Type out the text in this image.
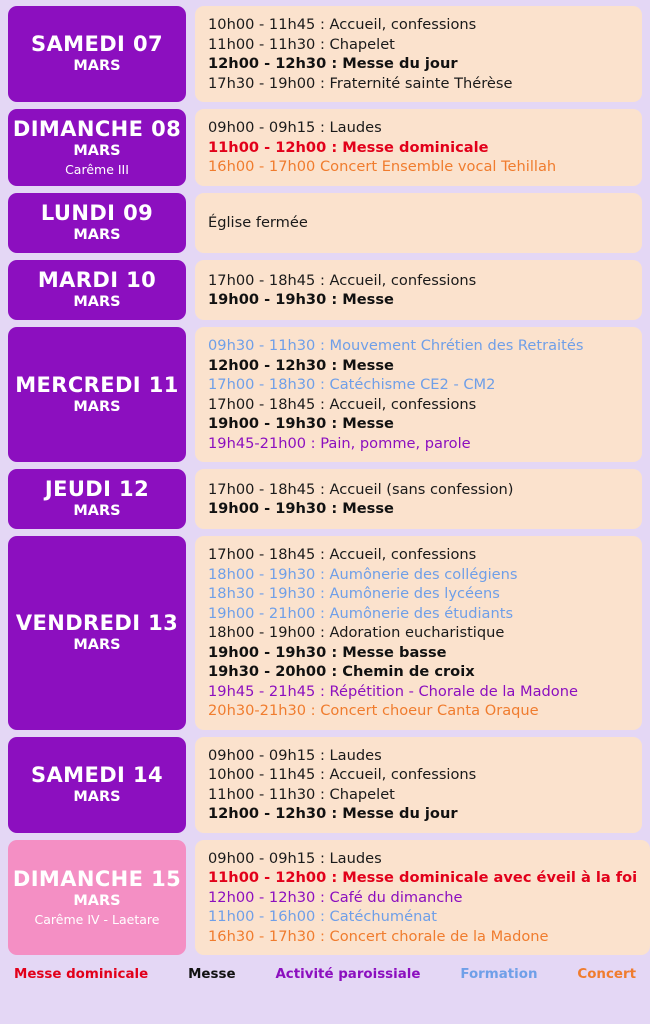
SAMEDI 07
MARS
10h00 - 11h45 : Accueil, confessions
11h00 - 11h30 : Chapelet
12h00 - 12h30 : Messe du jour
17h30 - 19h00 : Fraternité sainte Thérèse
DIMANCHE 08
MARS
Carême III
09h00 - 09h15 : Laudes
11h00 - 12h00 : Messe dominicale
16h00 - 17h00 Concert Ensemble vocal Tehillah
LUNDI 09
MARS
Église fermée
MARDI 10
MARS
17h00 - 18h45 : Accueil, confessions
19h00 - 19h30 : Messe
MERCREDI 11
MARS
09h30 - 11h30 : Mouvement Chrétien des Retraités
12h00 - 12h30 : Messe
17h00 - 18h30 : Catéchisme CE2 - CM2
17h00 - 18h45 : Accueil, confessions
19h00 - 19h30 : Messe
19h45-21h00 : Pain, pomme, parole
JEUDI 12
MARS
17h00 - 18h45 : Accueil (sans confession)
19h00 - 19h30 : Messe
VENDREDI 13
MARS
17h00 - 18h45 : Accueil, confessions
18h00 - 19h30 : Aumônerie des collégiens
18h30 - 19h30 : Aumônerie des lycéens
19h00 - 21h00 : Aumônerie des étudiants
18h00 - 19h00 : Adoration eucharistique
19h00 - 19h30 : Messe basse
19h30 - 20h00 : Chemin de croix
19h45 - 21h45 : Répétition - Chorale de la Madone
20h30-21h30 : Concert choeur Canta Oraque
SAMEDI 14
MARS
09h00 - 09h15 : Laudes
10h00 - 11h45 : Accueil, confessions
11h00 - 11h30 : Chapelet
12h00 - 12h30 : Messe du jour
DIMANCHE 15
MARS
Carême IV - Laetare
09h00 - 09h15 : Laudes
11h00 - 12h00 : Messe dominicale avec éveil à la foi
12h00 - 12h30 : Café du dimanche
11h00 - 16h00 : Catéchuménat
16h30 - 17h30 : Concert chorale de la Madone
Messe dominicale	Messe	Activité paroissiale	Formation	Concert
